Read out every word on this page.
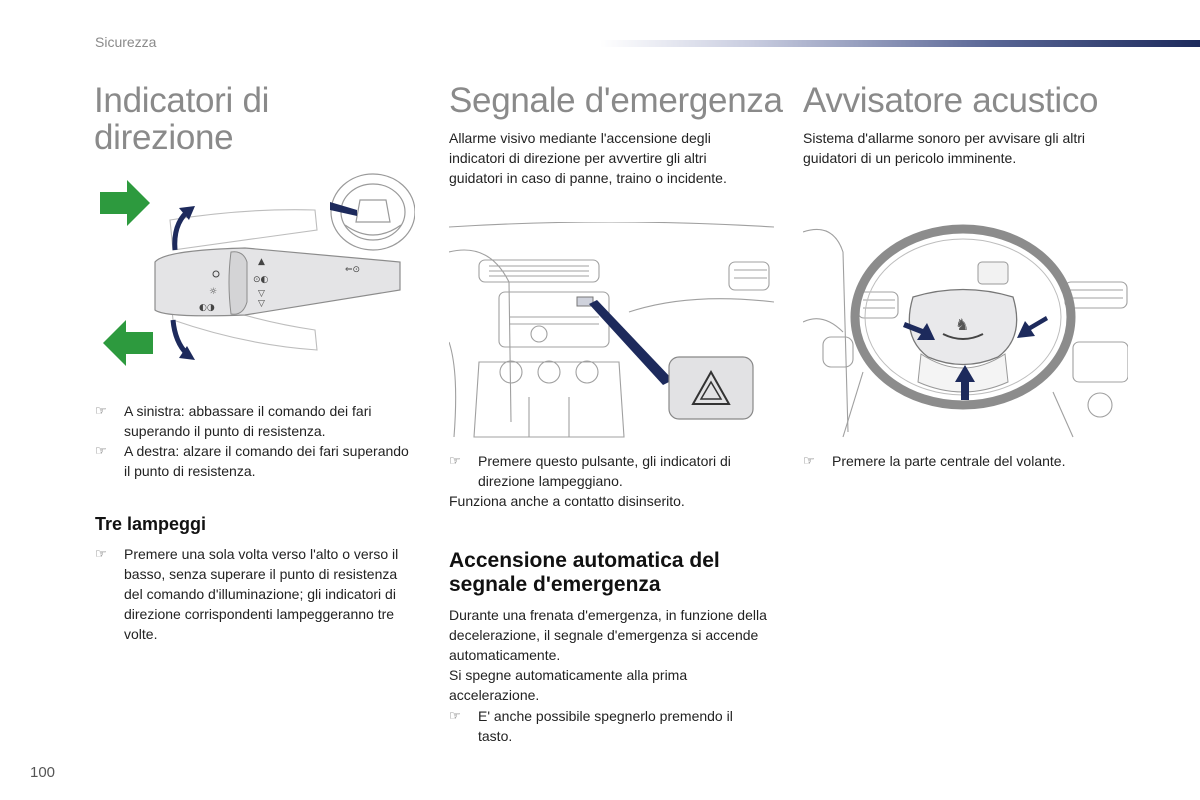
Sicurezza
Indicatori di
direzione
☼
◐◑
▲
⊙◐
▽
▽
⇐⊙
☞ A sinistra: abbassare il comando dei fari superando il punto di resistenza.
☞ A destra: alzare il comando dei fari superando il punto di resistenza.
Tre lampeggi
☞ Premere una sola volta verso l'alto o verso il basso, senza superare il punto di resistenza del comando d'illuminazione; gli indicatori di direzione corrispondenti lampeggeranno tre volte.
Segnale d'emergenza

Allarme visivo mediante l'accensione degli indicatori di direzione per avvertire gli altri guidatori in caso di panne, traino o incidente.

☞ Premere questo pulsante, gli indicatori di direzione lampeggiano.

Funziona anche a contatto disinserito.

Accensione automatica del
segnale d'emergenza

Durante una frenata d'emergenza, in funzione della decelerazione, il segnale d'emergenza si accende automaticamente.

Si spegne automaticamente alla prima accelerazione.

☞ E' anche possibile spegnerlo premendo il tasto.
Avvisatore acustico

Sistema d'allarme sonoro per avvisare gli altri guidatori di un pericolo imminente.

♞
☞ Premere la parte centrale del volante.
100
